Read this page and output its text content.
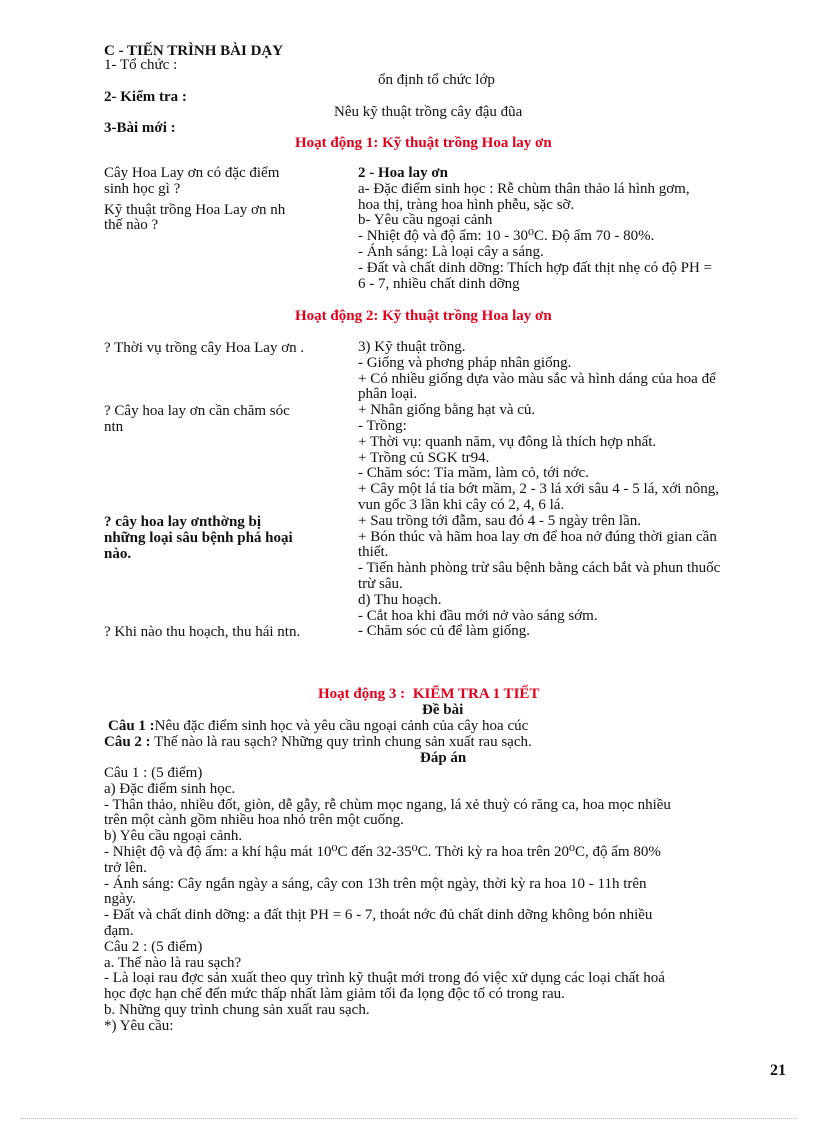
C - TIẾN TRÌNH BÀI DẠY
1- Tổ chức :
ổn định tổ chức lớp
2- Kiểm tra :
Nêu kỹ thuật trồng cây đậu đũa
3-Bài mới :
Hoạt động 1: Kỹ thuật trồng Hoa lay ơn
Cây Hoa Lay ơn có đặc điểm
sinh học gì ?
Kỹ thuật trồng Hoa Lay ơn nh
thế nào ?
2 - Hoa lay ơn
a- Đặc điểm sinh học : Rễ chùm thân thảo lá hình gơm,
hoa thị, tràng hoa hình phễu, sặc sỡ.
b- Yêu cầu ngoại cảnh
- Nhiệt độ và độ ẩm: 10 - 30⁰C. Độ ẩm 70 - 80%.
- Ánh sáng: Là loại cây a sáng.
- Đất và chất dinh dỡng: Thích hợp đất thịt nhẹ có độ PH =
6 - 7, nhiều chất dinh dỡng
Hoạt động 2: Kỹ thuật trồng Hoa lay ơn
? Thời vụ trồng cây Hoa Lay ơn .
? Cây hoa lay ơn cần chăm sóc
ntn
? cây hoa lay ơnthờng bị
những loại sâu bệnh phá hoại
nào.
? Khi nào thu hoạch, thu hái ntn.
3) Kỹ thuật trồng.
- Giống và phơng pháp nhân giống.
+ Có nhiều giống dựa vào màu sắc và hình dáng của hoa để
phân loại.
+ Nhân giống bằng hạt và củ.
- Trồng:
+ Thời vụ: quanh năm, vụ đông là thích hợp nhất.
+ Trồng củ SGK tr94.
- Chăm sóc: Tỉa mầm, làm cỏ, tới nớc.
+ Cây một lá tỉa bớt mầm, 2 - 3 lá xới sâu 4 - 5 lá, xới nông,
vun gốc 3 lần khi cây có 2, 4, 6 lá.
+ Sau trồng tới đẫm, sau đó 4 - 5 ngày trên lần.
+ Bón thúc và hãm hoa lay ơn để hoa nở đúng thời gian cần
thiết.
- Tiến hành phòng trừ sâu bệnh bằng cách bắt và phun thuốc
trừ sâu.
d) Thu hoạch.
- Cắt hoa khi đầu mới nở vào sáng sớm.
- Chăm sóc củ để làm giống.
Hoạt động 3 : KIỂM TRA 1 TIẾT
Đề bài
Câu 1 :Nêu đặc điểm sinh học và yêu cầu ngoại cảnh của cây hoa cúc
Câu 2 : Thế nào là rau sạch? Những quy trình chung sản xuất rau sạch.
Đáp án
Câu 1 : (5 điểm)
a) Đặc điểm sinh học.
- Thân thảo, nhiều đốt, giòn, dễ gẫy, rễ chùm mọc ngang, lá xẻ thuỳ có răng ca, hoa mọc nhiều
trên một cành gồm nhiều hoa nhỏ trên một cuống.
b) Yêu cầu ngoại cảnh.
- Nhiệt độ và độ ẩm: a khí hậu mát 10⁰C đến 32-35⁰C. Thời kỳ ra hoa trên 20⁰C, độ ẩm 80%
trở lên.
- Ánh sáng: Cây ngắn ngày a sáng, cây con 13h trên một ngày, thời kỳ ra hoa 10 - 11h trên
ngày.
- Đất và chất dinh dỡng: a đất thịt PH = 6 - 7, thoát nớc đủ chất dinh dỡng không bón nhiều
đạm.
Câu 2 : (5 điểm)
a. Thế nào là rau sạch?
- Là loại rau đợc sản xuất theo quy trình kỹ thuật mới trong đó việc xử dụng các loại chất hoá
học đợc hạn chế đến mức thấp nhất làm giảm tối đa lọng độc tố có trong rau.
b. Những quy trình chung sản xuất rau sạch.
*) Yêu cầu:
21
